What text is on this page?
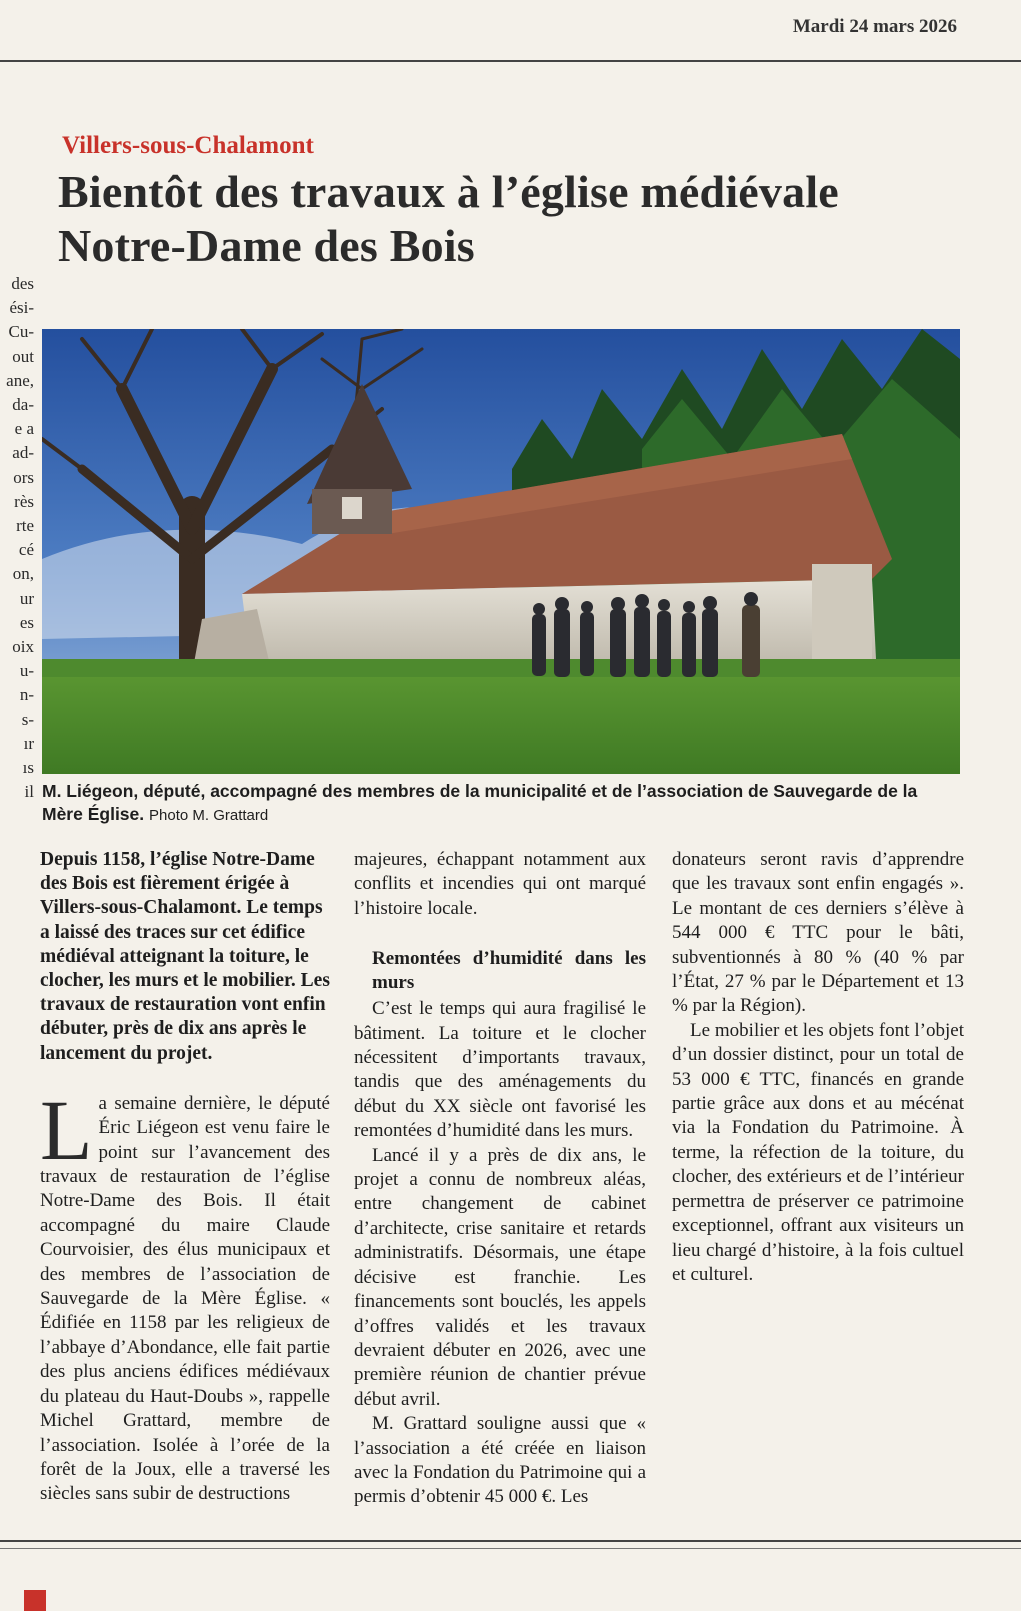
Mardi 24 mars 2026
des
ési-
Cu-
out
ane,
da-
e a
ad-
ors
rès
rte
cé
on,
ur
es
oix
u-
n-
s-
ır
ıs
il
Villers-sous-Chalamont
Bientôt des travaux à l’église médiévale Notre-Dame des Bois
M. Liégeon, député, accompagné des membres de la municipalité et de l’association de Sauvegarde de la Mère Église. Photo M. Grattard

Depuis 1158, l’église Notre-Dame des Bois est fièrement érigée à Villers-sous-Chalamont. Le temps a laissé des traces sur cet édifice médiéval atteignant la toiture, le clocher, les murs et le mobilier. Les travaux de restauration vont enfin débuter, près de dix ans après le lancement du projet.

La semaine dernière, le député Éric Liégeon est venu faire le point sur l’avancement des travaux de restauration de l’église Notre-Dame des Bois. Il était accompagné du maire Claude Courvoisier, des élus municipaux et des membres de l’association de Sauvegarde de la Mère Église. « Édifiée en 1158 par les religieux de l’abbaye d’Abondance, elle fait partie des plus anciens édifices médiévaux du plateau du Haut-Doubs », rappelle Michel Grattard, membre de l’association. Isolée à l’orée de la forêt de la Joux, elle a traversé les siècles sans subir de destructions

majeures, échappant notamment aux conflits et incendies qui ont marqué l’histoire locale.

Remontées d’humidité dans les murs

C’est le temps qui aura fragilisé le bâtiment. La toiture et le clocher nécessitent d’importants travaux, tandis que des aménagements du début du XX siècle ont favorisé les remontées d’humidité dans les murs.

Lancé il y a près de dix ans, le projet a connu de nombreux aléas, entre changement de cabinet d’architecte, crise sanitaire et retards administratifs. Désormais, une étape décisive est franchie. Les financements sont bouclés, les appels d’offres validés et les travaux devraient débuter en 2026, avec une première réunion de chantier prévue début avril.

M. Grattard souligne aussi que « l’association a été créée en liaison avec la Fondation du Patrimoine qui a permis d’obtenir 45 000 €. Les

donateurs seront ravis d’apprendre que les travaux sont enfin engagés ». Le montant de ces derniers s’élève à 544 000 € TTC pour le bâti, subventionnés à 80 % (40 % par l’État, 27 % par le Département et 13 % par la Région).

Le mobilier et les objets font l’objet d’un dossier distinct, pour un total de 53 000 € TTC, financés en grande partie grâce aux dons et au mécénat via la Fondation du Patrimoine. À terme, la réfection de la toiture, du clocher, des extérieurs et de l’intérieur permettra de préserver ce patrimoine exceptionnel, offrant aux visiteurs un lieu chargé d’histoire, à la fois cultuel et culturel.
